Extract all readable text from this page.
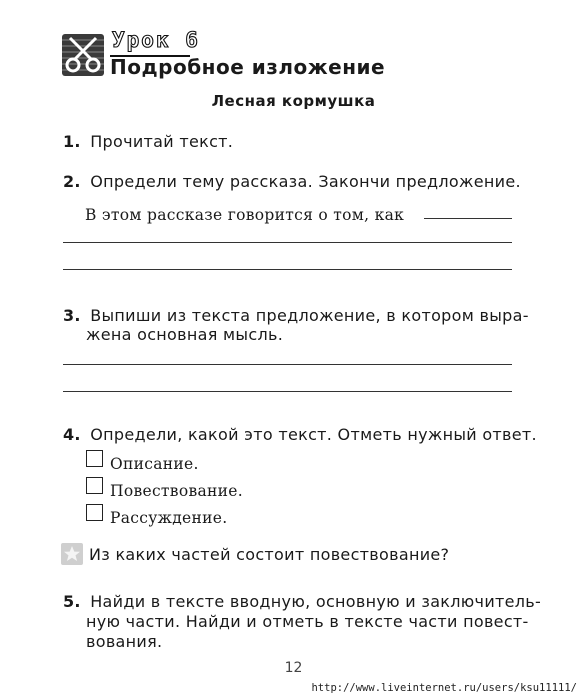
Урок 6
Подробное изложение
Лесная кормушка
1. Прочитай текст.
2. Определи тему рассказа. Закончи предложение.
В этом рассказе говорится о том, как
3. Выпиши из текста предложение, в котором выра-
жена основная мысль.
4. Определи, какой это текст. Отметь нужный ответ.
Описание.
Повествование.
Рассуждение.
Из каких частей состоит повествование?
5. Найди в тексте вводную, основную и заключитель-
ную части. Найди и отметь в тексте части повест-
вования.
12
http://www.liveinternet.ru/users/ksu11111/
